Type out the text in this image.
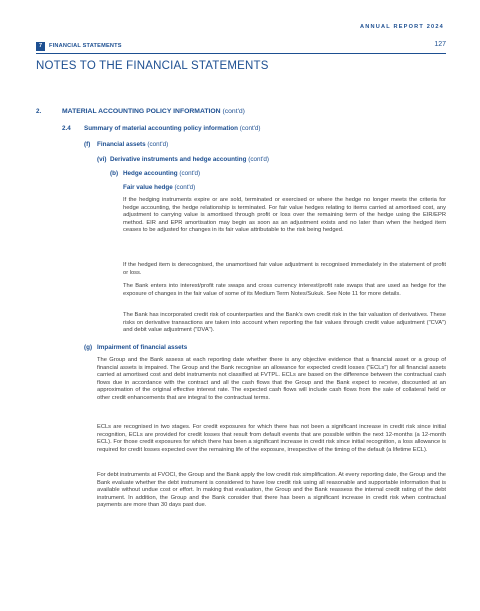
ANNUAL REPORT 2024
7	FINANCIAL STATEMENTS	127
NOTES TO THE FINANCIAL STATEMENTS
2.	MATERIAL ACCOUNTING POLICY INFORMATION (cont'd)
2.4 Summary of material accounting policy information (cont'd)
(f) Financial assets (cont'd)
(vi) Derivative instruments and hedge accounting (cont'd)
(b) Hedge accounting (cont'd)
Fair value hedge (cont'd)

If the hedging instruments expire or are sold, terminated or exercised or where the hedge no longer meets the criteria for hedge accounting, the hedge relationship is terminated. For fair value hedges relating to items carried at amortised cost, any adjustment to carrying value is amortised through profit or loss over the remaining term of the hedge using the EIR/EPR method. EIR and EPR amortisation may begin as soon as an adjustment exists and no later than when the hedged item ceases to be adjusted for changes in its fair value attributable to the risk being hedged.

If the hedged item is derecognised, the unamortised fair value adjustment is recognised immediately in the statement of profit or loss.

The Bank enters into interest/profit rate swaps and cross currency interest/profit rate swaps that are used as hedge for the exposure of changes in the fair value of some of its Medium Term Notes/Sukuk. See Note 11 for more details.

The Bank has incorporated credit risk of counterparties and the Bank's own credit risk in the fair valuation of derivatives. These risks on derivative transactions are taken into account when reporting the fair values through credit value adjustment ("CVA") and debit value adjustment ("DVA").

(g) Impairment of financial assets

The Group and the Bank assess at each reporting date whether there is any objective evidence that a financial asset or a group of financial assets is impaired. The Group and the Bank recognise an allowance for expected credit losses ("ECLs") for all financial assets carried at amortised cost and debt instruments not classified at FVTPL. ECLs are based on the difference between the contractual cash flows due in accordance with the contract and all the cash flows that the Group and the Bank expect to receive, discounted at an approximation of the original effective interest rate. The expected cash flows will include cash flows from the sale of collateral held or other credit enhancements that are integral to the contractual terms.

ECLs are recognised in two stages. For credit exposures for which there has not been a significant increase in credit risk since initial recognition, ECLs are provided for credit losses that result from default events that are possible within the next 12-months (a 12-month ECL). For those credit exposures for which there has been a significant increase in credit risk since initial recognition, a loss allowance is required for credit losses expected over the remaining life of the exposure, irrespective of the timing of the default (a lifetime ECL).

For debt instruments at FVOCI, the Group and the Bank apply the low credit risk simplification. At every reporting date, the Group and the Bank evaluate whether the debt instrument is considered to have low credit risk using all reasonable and supportable information that is available without undue cost or effort. In making that evaluation, the Group and the Bank reassess the internal credit rating of the debt instrument. In addition, the Group and the Bank consider that there has been a significant increase in credit risk when contractual payments are more than 30 days past due.
